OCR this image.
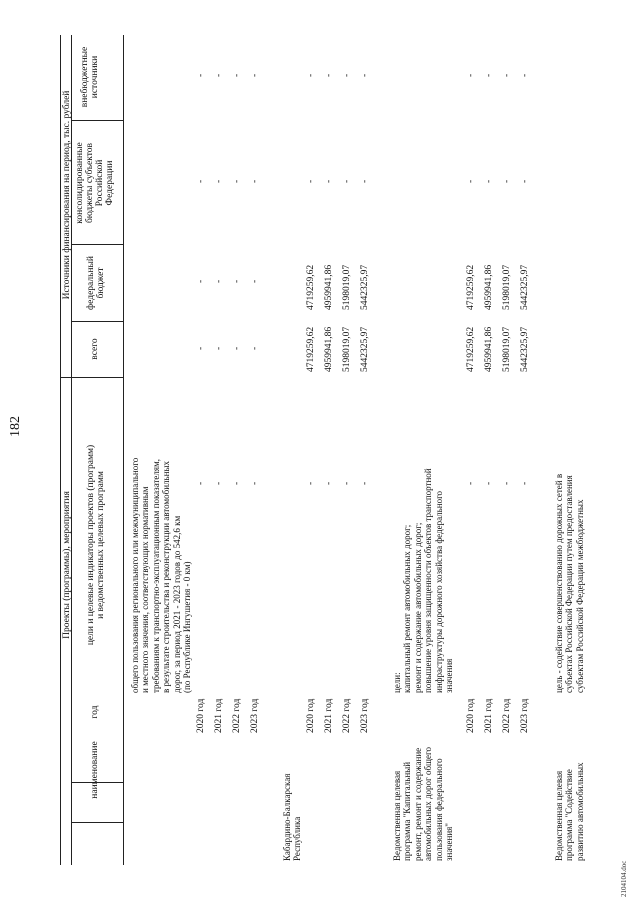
182
Проекты (программы), мероприятия
Источники финансирования на период, тыс. рублей
наименование
год
цели и целевые индикаторы проектов (программ) и ведомственных целевых программ
всего
федеральный бюджет
консолидированные бюджеты субъектов Российской Федерации
внебюджетные источники
общего пользования регионального или межмуниципального и местного значения, соответствующих нормативным требованиям к транспортно-эксплуатационным показателям, в результате строительства и реконструкции автомобильных дорог, за период 2021 - 2023 годов до 542,6 км (по Республике Ингушетия - 0 км)
2020 год 2021 год 2022 год 2023 год
- - - -
- - - -
- - - -
- - - -
- - - -
Кабардино-Балкарская Республика
2020 год 2021 год 2022 год 2023 год
- - - -
4719259,62 4959941,86 5198019,07 5442325,97
4719259,62 4959941,86 5198019,07 5442325,97
- - - -
- - - -
Ведомственная целевая программа "Капитальный ремонт, ремонт и содержание автомобильных дорог общего пользования федерального значения"
цели: капитальный ремонт автомобильных дорог; ремонт и содержание автомобильных дорог; повышение уровня защищенности объектов транспортной инфраструктуры дорожного хозяйства федерального значения
2020 год 2021 год 2022 год 2023 год
- - - -
4719259,62 4959941,86 5198019,07 5442325,97
4719259,62 4959941,86 5198019,07 5442325,97
- - - -
- - - -
Ведомственная целевая программа "Содействие развитию автомобильных
цель - содействие совершенствованию дорожных сетей в субъектах Российской Федерации путем предоставления субъектам Российской Федерации межбюджетных
2104104.doc
